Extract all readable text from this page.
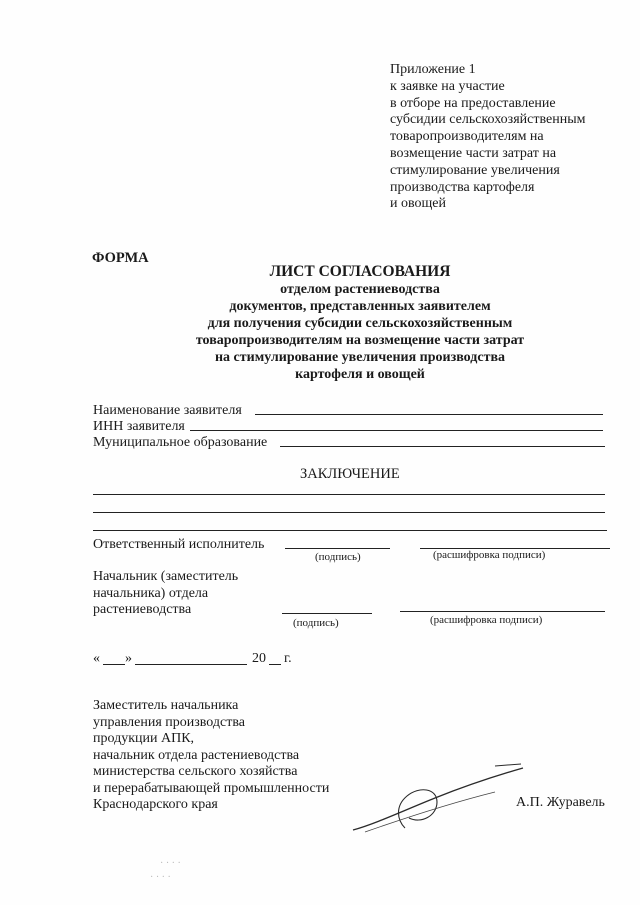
Приложение 1
к заявке на участие
в отборе на предоставление
субсидии сельскохозяйственным
товаропроизводителям на
возмещение части затрат на
стимулирование увеличения
производства картофеля
и овощей
ФОРМА
ЛИСТ СОГЛАСОВАНИЯ
отделом растениеводства
документов, представленных заявителем
для получения субсидии сельскохозяйственным
товаропроизводителям на возмещение части затрат
на стимулирование увеличения производства
картофеля и овощей
Наименование заявителя
ИНН заявителя
Муниципальное образование
ЗАКЛЮЧЕНИЕ
Ответственный исполнитель
(подпись)	(расшифровка подписи)
Начальник (заместитель
начальника) отдела
растениеводства
(подпись)	(расшифровка подписи)
« »	20 г.
Заместитель начальника
управления производства
продукции АПК,
начальник отдела растениеводства
министерства сельского хозяйства
и перерабатывающей промышленности
Краснодарского края	А.П. Журавель
· · · ·
· · · ·
